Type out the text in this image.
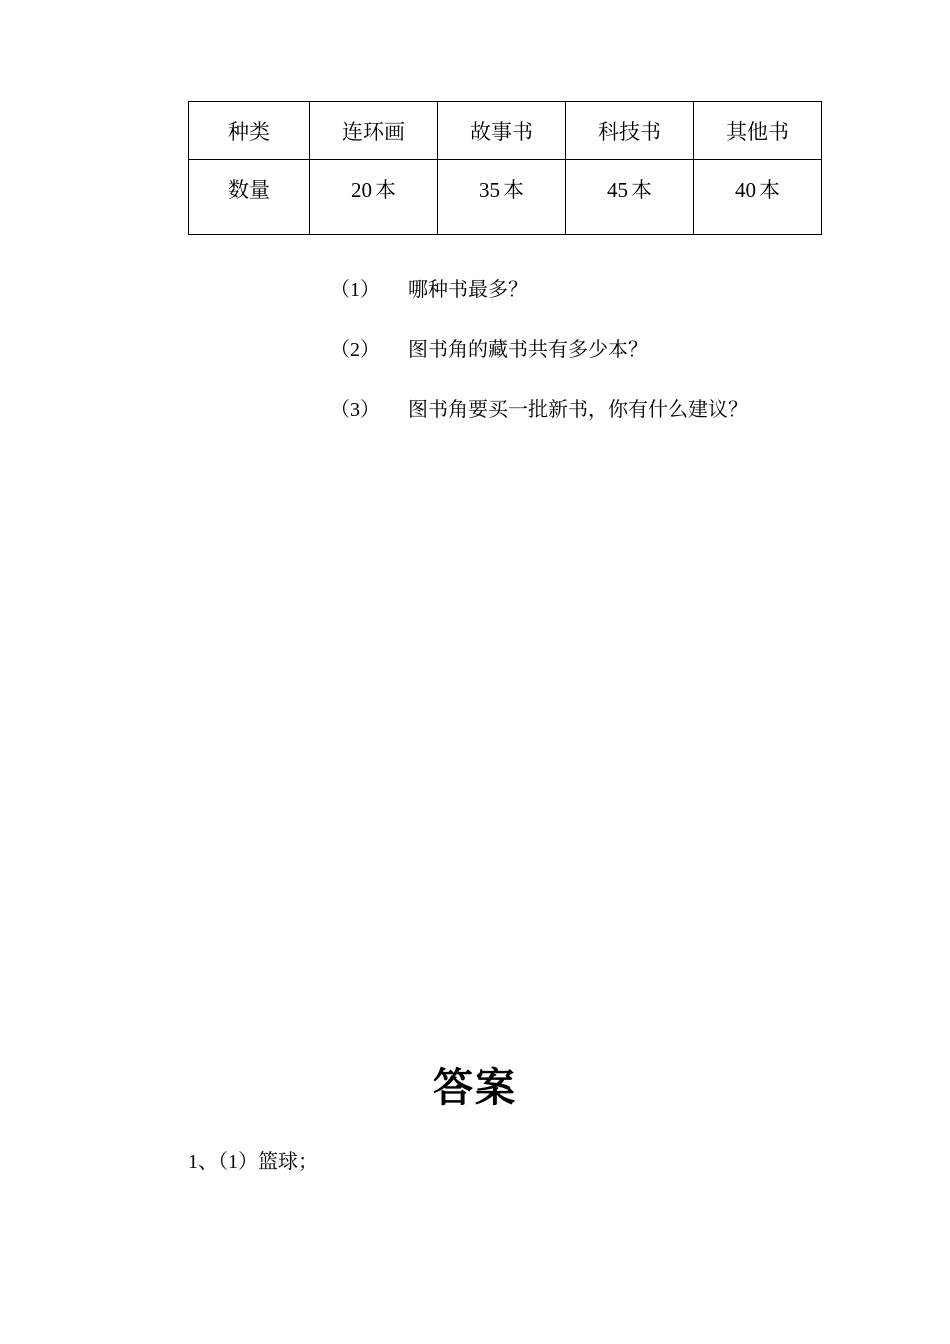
种类	连环画	故事书	科技书	其他书
数量	20 本	35 本	45 本	40 本
（1） 哪种书最多？
（2） 图书角的藏书共有多少本？
（3） 图书角要买一批新书，你有什么建议？
答案
1、（1）篮球；
